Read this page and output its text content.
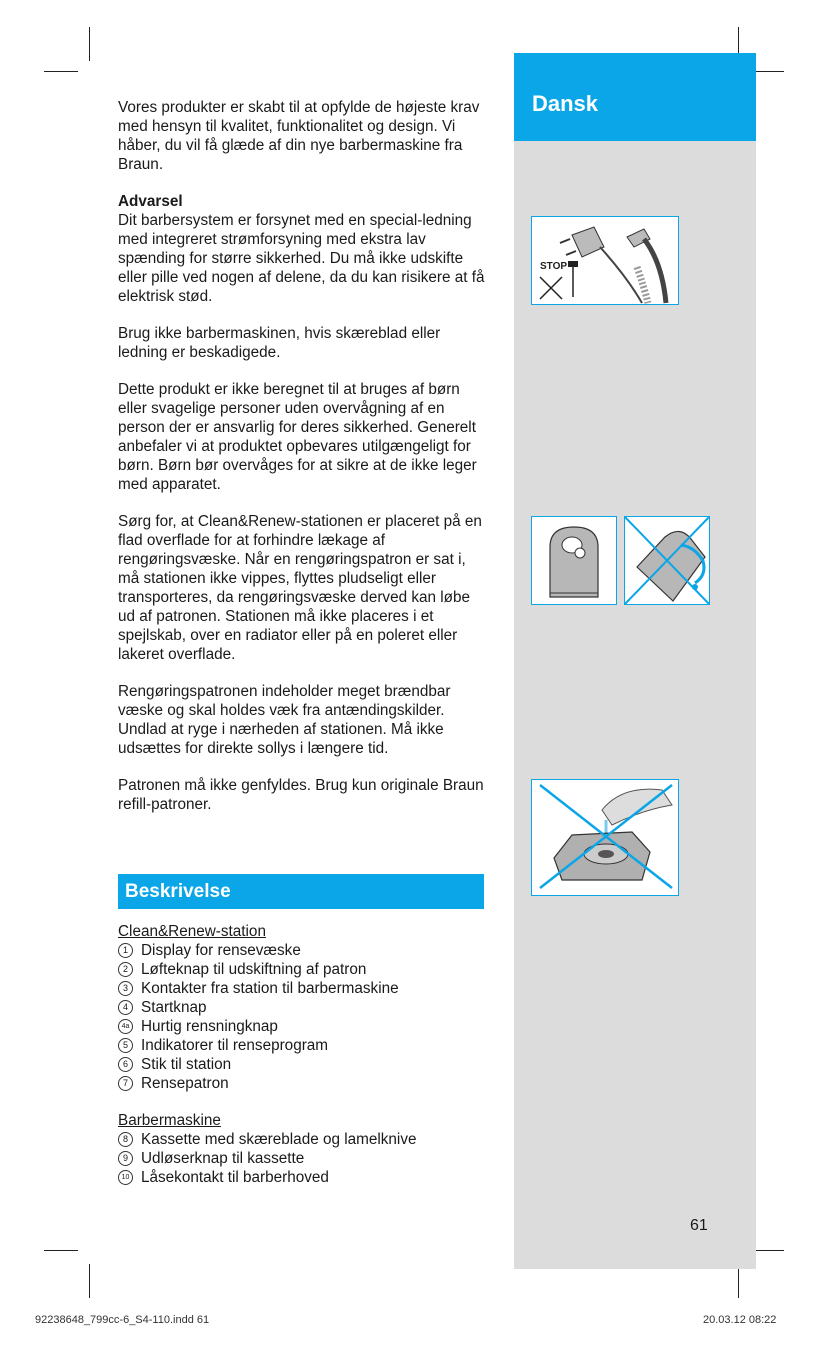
Dansk

Vores produkter er skabt til at opfylde de højeste krav med hensyn til kvalitet, funktionalitet og design. Vi håber, du vil få glæde af din nye barbermaskine fra Braun.

Advarsel
Dit barbersystem er forsynet med en special-ledning med integreret strømforsyning med ekstra lav spænding for større sikkerhed. Du må ikke udskifte eller pille ved nogen af delene, da du kan risikere at få elektrisk stød.

Brug ikke barbermaskinen, hvis skæreblad eller ledning er beskadigede.

Dette produkt er ikke beregnet til at bruges af børn eller svagelige personer uden overvågning af en person der er ansvarlig for deres sikkerhed. Generelt anbefaler vi at produktet opbevares utilgængeligt for børn. Børn bør overvåges for at sikre at de ikke leger med apparatet.

Sørg for, at Clean&Renew-stationen er placeret på en flad overflade for at forhindre lækage af rengøringsvæske. Når en rengøringspatron er sat i, må stationen ikke vippes, flyttes pludseligt eller transporteres, da rengøringsvæske derved kan løbe ud af patronen. Stationen må ikke placeres i et spejlskab, over en radiator eller på en poleret eller lakeret overflade.

Rengøringspatronen indeholder meget brændbar væske og skal holdes væk fra antændingskilder. Undlad at ryge i nærheden af stationen. Må ikke udsættes for direkte sollys i længere tid.

Patronen må ikke genfyldes. Brug kun originale Braun refill-patroner.

Beskrivelse
Clean&Renew-station
1 Display for rensevæske
2 Løfteknap til udskiftning af patron
3 Kontakter fra station til barbermaskine
4 Startknap
4a Hurtig rensningknap
5 Indikatorer til renseprogram
6 Stik til station
7 Rensepatron
Barbermaskine
8 Kassette med skæreblade og lamelknive
9 Udløserknap til kassette
10 Låsekontakt til barberhoved
STOP
61
92238648_799cc-6_S4-110.indd 61	20.03.12 08:22
